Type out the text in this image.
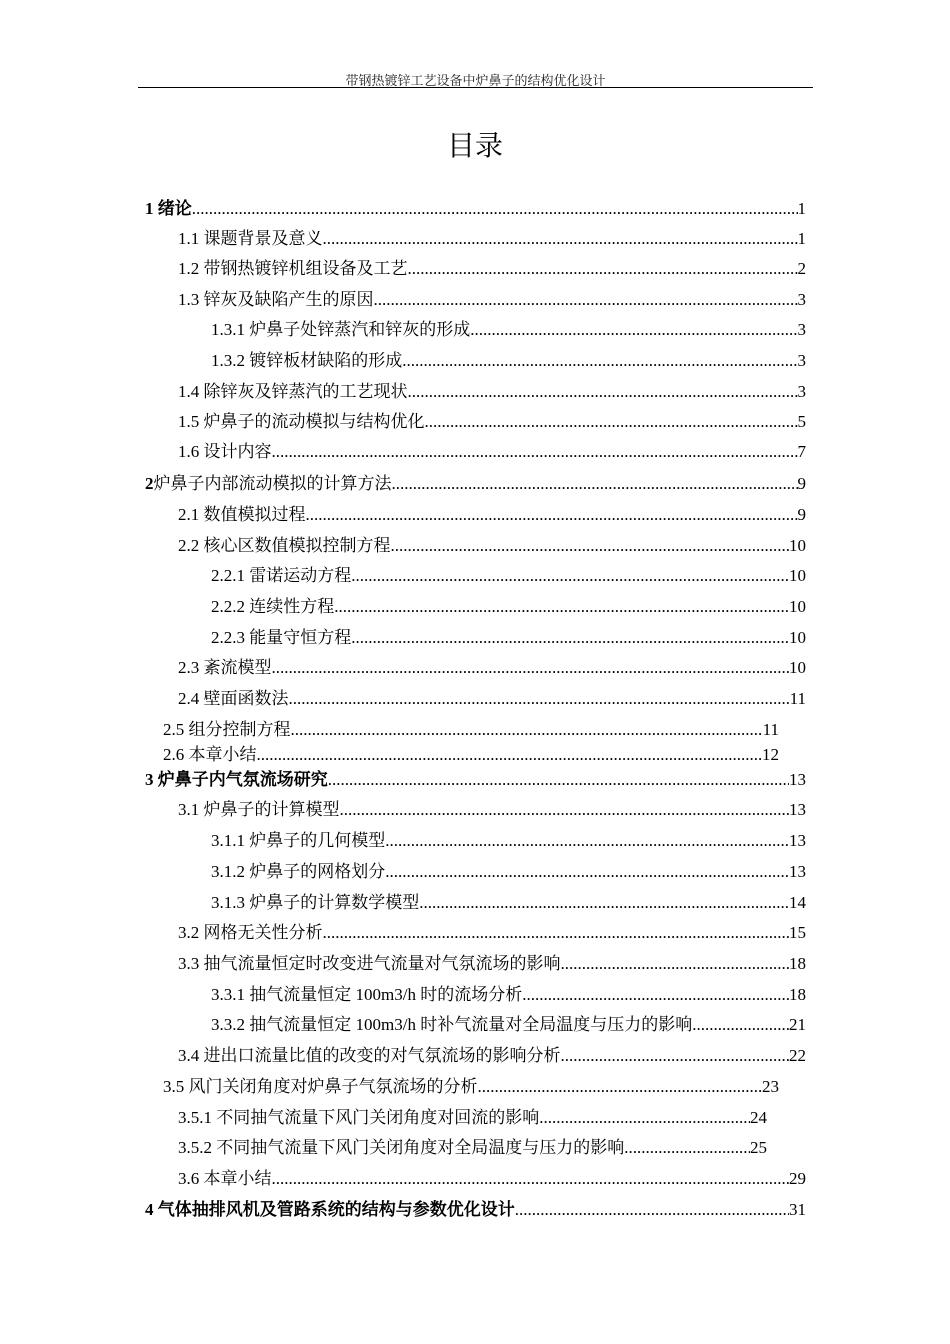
带钢热镀锌工艺设备中炉鼻子的结构优化设计
目录
1 绪论 .....	1
1.1 课题背景及意义 .....	1
1.2 带钢热镀锌机组设备及工艺 .....	2
1.3 锌灰及缺陷产生的原因 .....	3
1.3.1 炉鼻子处锌蒸汽和锌灰的形成 .....	3
1.3.2 镀锌板材缺陷的形成 .....	3
1.4 除锌灰及锌蒸汽的工艺现状 .....	3
1.5 炉鼻子的流动模拟与结构优化 .....	5
1.6 设计内容 .....	7
2 炉鼻子内部流动模拟的计算方法 .....	9
2.1 数值模拟过程 .....	9
2.2 核心区数值模拟控制方程 .....	10
2.2.1 雷诺运动方程 .....	10
2.2.2 连续性方程 .....	10
2.2.3 能量守恒方程 .....	10
2.3 紊流模型 .....	10
2.4 壁面函数法 .....	11
2.5 组分控制方程 .....	11
2.6 本章小结 .....	12
3 炉鼻子内气氛流场研究 .....	13
3.1 炉鼻子的计算模型 .....	13
3.1.1 炉鼻子的几何模型 .....	13
3.1.2 炉鼻子的网格划分 .....	13
3.1.3 炉鼻子的计算数学模型 .....	14
3.2 网格无关性分析 .....	15
3.3 抽气流量恒定时改变进气流量对气氛流场的影响 .....	18
3.3.1 抽气流量恒定 100m3/h 时的流场分析 .....	18
3.3.2 抽气流量恒定 100m3/h 时补气流量对全局温度与压力的影响 .....	21
3.4 进出口流量比值的改变的对气氛流场的影响分析 .....	22
3.5 风门关闭角度对炉鼻子气氛流场的分析 .....	23
3.5.1 不同抽气流量下风门关闭角度对回流的影响 .....	24
3.5.2 不同抽气流量下风门关闭角度对全局温度与压力的影响 .....	25
3.6 本章小结 .....	29
4 气体抽排风机及管路系统的结构与参数优化设计 .....	31
